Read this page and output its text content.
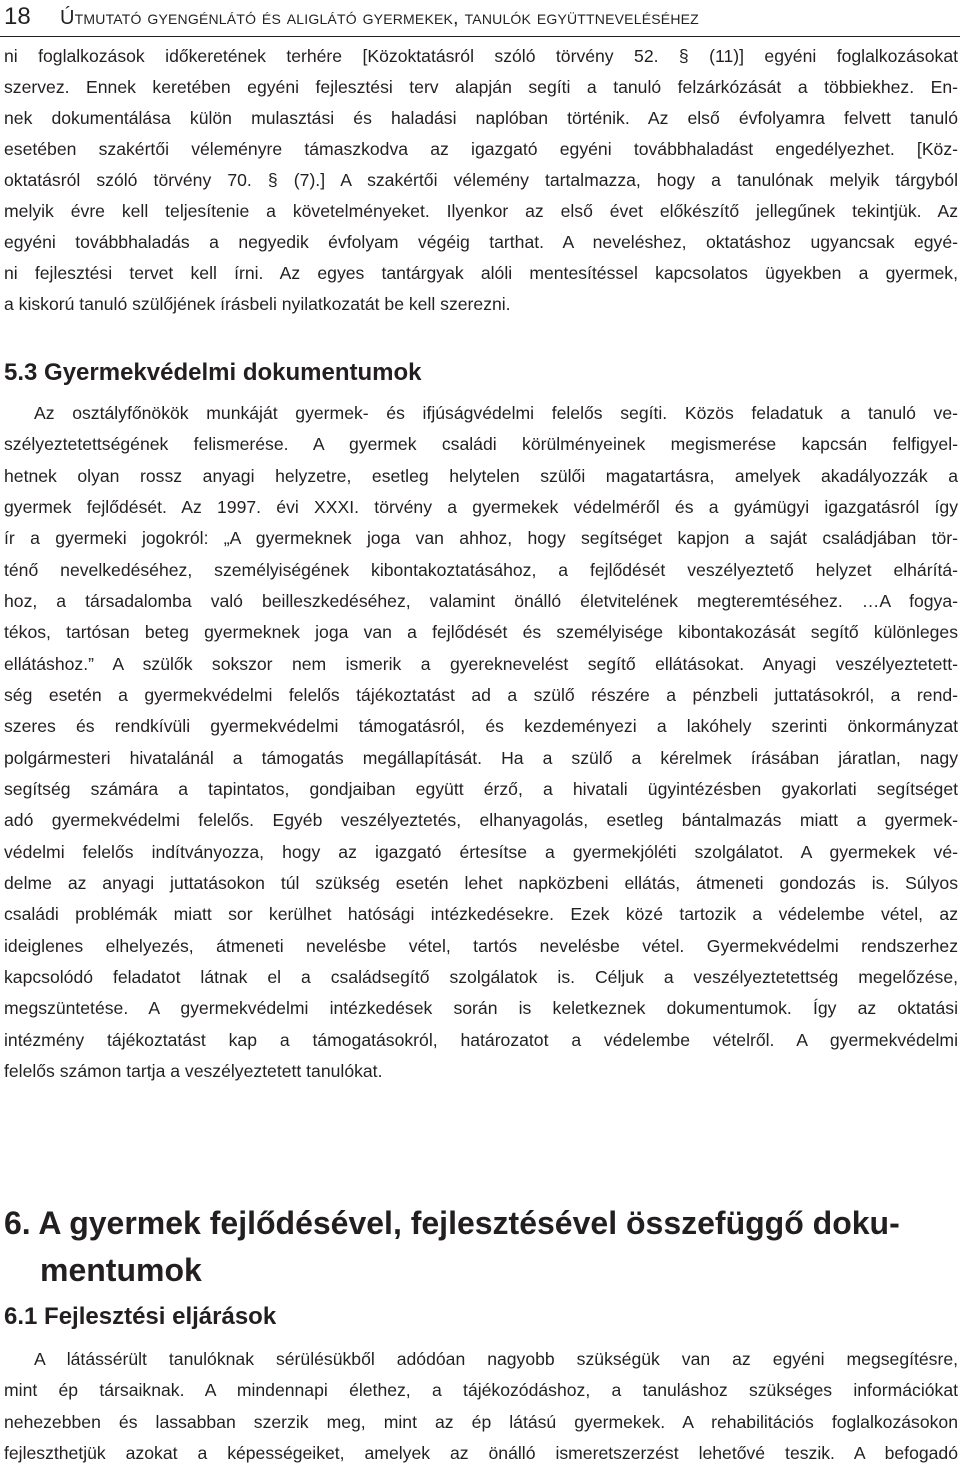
18 Útmutató gyengénlátó és aliglátó gyermekek, tanulók együttneveléséhez
ni foglalkozások időkeretének terhére [Közoktatásról szóló törvény 52. § (11)] egyéni foglalkozásokat
szervez. Ennek keretében egyéni fejlesztési terv alapján segíti a tanuló felzárkózását a többiekhez. En-
nek dokumentálása külön mulasztási és haladási naplóban történik. Az első évfolyamra felvett tanuló
esetében szakértői véleményre támaszkodva az igazgató egyéni továbbhaladást engedélyezhet. [Köz-
oktatásról szóló törvény 70. § (7).] A szakértői vélemény tartalmazza, hogy a tanulónak melyik tárgyból
melyik évre kell teljesítenie a követelményeket. Ilyenkor az első évet előkészítő jellegűnek tekintjük. Az
egyéni továbbhaladás a negyedik évfolyam végéig tarthat. A neveléshez, oktatáshoz ugyancsak egyé-
ni fejlesztési tervet kell írni. Az egyes tantárgyak alóli mentesítéssel kapcsolatos ügyekben a gyermek,
a kiskorú tanuló szülőjének írásbeli nyilatkozatát be kell szerezni.
5.3 Gyermekvédelmi dokumentumok
Az osztályfőnökök munkáját gyermek- és ifjúságvédelmi felelős segíti. Közös feladatuk a tanuló ve-
szélyeztetettségének felismerése. A gyermek családi körülményeinek megismerése kapcsán felfigyel-
hetnek olyan rossz anyagi helyzetre, esetleg helytelen szülői magatartásra, amelyek akadályozzák a
gyermek fejlődését. Az 1997. évi XXXI. törvény a gyermekek védelméről és a gyámügyi igazgatásról így
ír a gyermeki jogokról: „A gyermeknek joga van ahhoz, hogy segítséget kapjon a saját családjában tör-
ténő nevelkedéséhez, személyiségének kibontakoztatásához, a fejlődését veszélyeztető helyzet elhárítá-
hoz, a társadalomba való beilleszkedéséhez, valamint önálló életvitelének megteremtéséhez. …A fogya-
tékos, tartósan beteg gyermeknek joga van a fejlődését és személyisége kibontakozását segítő különleges
ellátáshoz.” A szülők sokszor nem ismerik a gyereknevelést segítő ellátásokat. Anyagi veszélyeztetett-
ség esetén a gyermekvédelmi felelős tájékoztatást ad a szülő részére a pénzbeli juttatásokról, a rend-
szeres és rendkívüli gyermekvédelmi támogatásról, és kezdeményezi a lakóhely szerinti önkormányzat
polgármesteri hivatalánál a támogatás megállapítását. Ha a szülő a kérelmek írásában járatlan, nagy
segítség számára a tapintatos, gondjaiban együtt érző, a hivatali ügyintézésben gyakorlati segítséget
adó gyermekvédelmi felelős. Egyéb veszélyeztetés, elhanyagolás, esetleg bántalmazás miatt a gyermek-
védelmi felelős indítványozza, hogy az igazgató értesítse a gyermekjóléti szolgálatot. A gyermekek vé-
delme az anyagi juttatásokon túl szükség esetén lehet napközbeni ellátás, átmeneti gondozás is. Súlyos
családi problémák miatt sor kerülhet hatósági intézkedésekre. Ezek közé tartozik a védelembe vétel, az
ideiglenes elhelyezés, átmeneti nevelésbe vétel, tartós nevelésbe vétel. Gyermekvédelmi rendszerhez
kapcsolódó feladatot látnak el a családsegítő szolgálatok is. Céljuk a veszélyeztetettség megelőzése,
megszüntetése. A gyermekvédelmi intézkedések során is keletkeznek dokumentumok. Így az oktatási
intézmény tájékoztatást kap a támogatásokról, határozatot a védelembe vételről. A gyermekvédelmi
felelős számon tartja a veszélyeztetett tanulókat.
6. A gyermek fejlődésével, fejlesztésével összefüggő doku-
mentumok
6.1 Fejlesztési eljárások
A látássérült tanulóknak sérülésükből adódóan nagyobb szükségük van az egyéni megsegítésre,
mint ép társaiknak. A mindennapi élethez, a tájékozódáshoz, a tanuláshoz szükséges információkat
nehezebben és lassabban szerzik meg, mint az ép látású gyermekek. A rehabilitációs foglalkozásokon
fejleszthetjük azokat a képességeiket, amelyek az önálló ismeretszerzést lehetővé teszik. A befogadó
